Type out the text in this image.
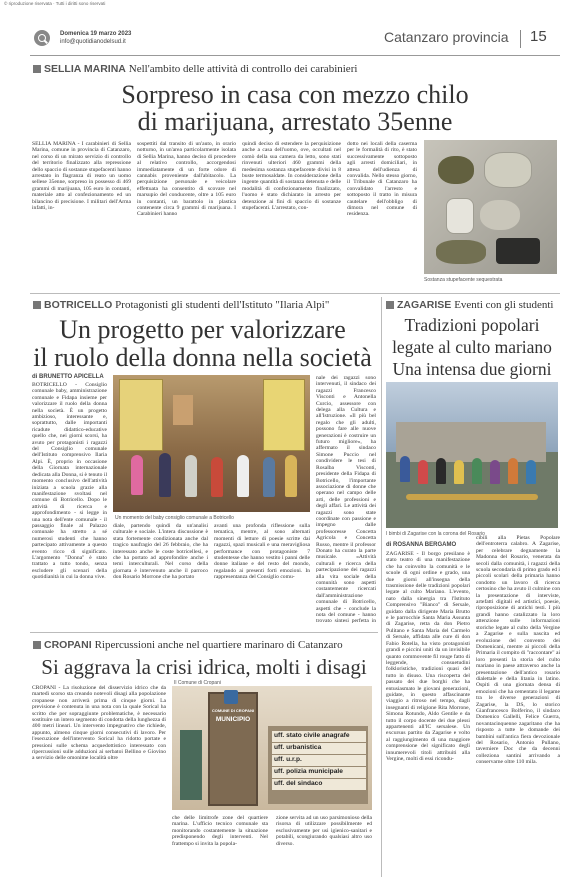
© riproduzione riservata · Tutti i diritti sono riservati
Domenica 19 marzo 2023
info@quotidianodelsud.it	Catanzaro provincia 15
SELLIA MARINA Nell'ambito delle attività di controllo dei carabinieri
Sorpreso in casa con mezzo chilo
di marijuana, arrestato 35enne
SELLIA MARINA - I carabinieri di Sellia Marina, comune in provincia di Catanzaro, nel corso di un mirato servizio di controllo del territorio finalizzato alla repressione dello spaccio di sostanze stupefacenti hanno arrestato in flagranza di reato un uomo sellese 35enne, sorpreso in possesso di 469 grammi di marijuana, 105 euro in contanti, materiale atto al confezionamento ed un bilancino di precisione. I militari dell'Arma infatti, in-
sospettiti dal transito di un'auto, in orario notturno, in un'area particolarmente isolata di Sellia Marina, hanno deciso di procedere al relativo controllo, accorgendosi immediatamente di un forte odore di cannabis proveniente dall'abitacolo. La perquisizione personale e veicolare effettuata ha consentito di scovare nel marsupio del conducente, oltre a 105 euro in contanti, un barattolo in plastica contenente circa 9 grammi di marijuana. I Carabinieri hanno
quindi deciso di estendere la perquisizione anche a casa dell'uomo, ove, occultati nel comò della sua camera da letto, sono stati rinvenuti ulteriori 460 grammi della medesima sostanza stupefacente divisi in 8 buste termosaldate. In considerazione della ingente quantità di sostanza detenuta e delle modalità di confezionamento finalizzato, l'uomo è stato dichiarato in arresto per detenzione ai fini di spaccio di sostanze stupefacenti. L'arrestato, con-
dotto nei locali della caserma per le formalità di rito, è stato successivamente sottoposto agli arresti domiciliari, in attesa dell'udienza di convalida. Nello stesso giorno, il Tribunale di Catanzaro ha convalidato l'arresto e sottoposto il tratto in misura cautelare dell'obbligo di dimora nel comune di residenza.
Sostanza stupefacente sequestrata
BOTRICELLO Protagonisti gli studenti dell'Istituto "Ilaria Alpi"
Un progetto per valorizzare
il ruolo della donna nella società
di BRUNETTO APICELLA
BOTRICELLO - Consiglio comunale baby, amministrazione comunale e Fidapa insieme per valorizzare il ruolo della donna nella società. È un progetto ambizioso, interessante e, soprattutto, dalle importanti ricadute didattico-educative quello che, nei giorni scorsi, ha avuto per protagonisti i ragazzi del Consiglio comunale dell'Istituto comprensivo Ilaria Alpi. È, proprio in occasione della Giornata internazionale dedicata alla Donna, si è tenuto il momento conclusivo dell'attività iniziata a scuola grazie alla manifestazione svoltasi nel comune di Botricello. Dopo le attività di ricerca e approfondimento - si legge in una nota dell'ente comunale - il passaggio finale al Palazzo comunale ha stretto a sé numerosi studenti che hanno partecipato attivamente a questo evento ricco di significato. L'argomento "Donna" è stato trattato a tutto tondo, senza escludere gli scenari della quotidianità in cui la donna vive.
Un momento del baby consiglio comunale a Botricello
diale, partendo quindi da un'analisi culturale e sociale. L'intera discussione è stata fortemente condizionata anche dal tragico naufragio del 26 febbraio, che ha interessato anche le coste botricellesi, e che ha portato ad approfondire anche i temi interculturali. Nel corso della giornata è intervenuto anche il parroco don Rosario Morrone che ha portato
avanti una profonda riflessione sulla tematica, mentre, al sono alternati momenti di letture di poesie scritte dai ragazzi, spazi musicali e una meravigliosa performance con protagoniste 7 studentesse che hanno vestito i panni delle donne italiane e del resto del mondo, regalando ai presenti forti emozioni. In rappresentanza del Consiglio comu-
nale dei ragazzi sono intervenuti, il sindaco dei ragazzi Francesco Visconti e Antonella Curcio, assessore con delega alla Cultura e all'Istruzione. «Il più bel regalo che gli adulti, possono fare alle nuove generazioni è costruire un futuro migliore», ha affermato il sindaco Simone Puccio nel condividere le tesi di Rosalba Visconti, presidente della Fidapa di Botricello, l'importante associazione di donne che operano nel campo delle arti, delle professioni e degli affari. Le attività dei ragazzi sono state coordinate con passione e impegno dalle professoresse Concetta Agricola e Concetta Russo, mentre il professor Donato ha curato la parte musicale. «Attività culturali e ricerca della partecipazione dei ragazzi alla vita sociale della comunità sono aspetti costantemente ricercati dall'amministrazione comunale di Botricello, aspetti che - conclude la nota del comune - hanno trovato sintesi perfetta in
ZAGARISE Eventi con gli studenti
Tradizioni popolari
legate al culto mariano
Una intensa due giorni
I bimbi di Zagarise con la corona del Rosario
di ROSANNA BERGAMO
ZAGARISE - Il borgo presilano è stato teatro di una manifestazione che ha coinvolto la comunità e le scuole di ogni ordine e grado, una due giorni all'insegna della trasmissione delle tradizioni popolari legate al culto Mariano. L'evento, nato dalla sinergia tra l'Istituto Comprensivo "Bianco" di Sersale, guidato dalla dirigente Maria Brutto e le parrocchie Santa Maria Assunta di Zagarise, retta da don Pietro Pulitano e Santa Maria del Carmelo di Sersale, affidata alle cure di don Fabio Rotella, ha visto protagonisti grandi e piccini uniti da un invisibile quanto commovente fil rouge fatto di leggende, consuetudini folkloristiche, tradizioni quasi del tutto in disuso. Una riscoperta del passato dei due borghi che ha entusiasmato le giovani generazioni, guidate, in questo affascinante viaggio a ritroso nel tempo, dagli insegnanti di religione Rita Morrone, Simona Rotundo, Aldo Gentile e da tutto il corpo docente dei due plessi appartenenti all'IC sersalese. Un excursus partito da Zagarise e volto al raggiungimento di una maggiore comprensione del significato degli innumerevoli titoli attribuiti alla Vergine, molti di essi ricondu-
cibili alla Pietas Popolare dell'entroterra calabro. A Zagarise, per celebrare degnamente la Madonna del Rosario, venerata da secoli dalla comunità, i ragazzi della scuola secondaria di primo grado ed i piccoli scolari della primaria hanno condotto un lavoro di ricerca certosino che ha avuto il culmine con la presentazione di interviste, artefatti digitali ed artistici, poesie, riproposizione di antichi testi. I più grandi hanno catalizzato la loro attenzione sulle informazioni storiche legate al culto della Vergine a Zagarise e sulla nascita ed evoluzione del convento dei Domenicani, mentre ai piccoli della Primaria il compito di "raccontare" ai loro presenti la storia del culto mariano in paese attraverso anche la presentazione dell'antico rosario dialettale e della litania in latino. Ospiti di una giornata densa di emozioni che ha cementato il legame tra le diverse generazioni di Zagarise, la DS, lo storico Gianfrancesco Bolferino, il sindaco Domenico Gallelli, Felice Guerra, novantacinquenne zagaritano che ha risposto a tutte le domande dei bambini sull'antica fiera devozionale del Rosario, Antonio Pullano, taverniere Doc che da decenni colleziona santini arrivando a conservarne oltre 110 mila.
CROPANI Ripercussioni anche nel quartiere marinaro di Catanzaro
Si aggrava la crisi idrica, molti i disagi
CROPANI - La risoluzione del disservizio idrico che da martedì scorso sta creando notevoli disagi alla popolazione cropanese non arriverà prima di cinque giorni. La previsione è contenuta in una nota con la quale Sorical ha scritto che per sopraggiunte problematiche, è necessario sostituire un intero segmento di condotta della lunghezza di 400 metri lineari. Un intervento impegnativo che richiede, appunto, almeno cinque giorni consecutivi di lavoro. Per l'esecuzione dell'intervento Sorical ha ridotto portate e pressioni sulle schema acquedottistico interessato con ripercussioni sulle adduzioni ai serbatoi Bellino e Giovino a servizio delle omonime località oltre
COMUNE DI CROPANI
MUNICIPIO
uff. stato civile anagrafe
uff. urbanistica
uff. u.r.p.
uff. polizia municipale
uff. del sindaco
Il Comune di Cropani
che delle limitrofe zone del quartiere marina. L'ufficio tecnico comunale sta monitorando costantemente la situazione predisponendo degli interventi. Nel frattempo si invita la popola-
zione servita ad un uso parsimonioso della risorsa di utilizzare possibilmente ed esclusivamente per usi igienico-sanitari e potabili, scongiurando qualsiasi altro uso diverso.
